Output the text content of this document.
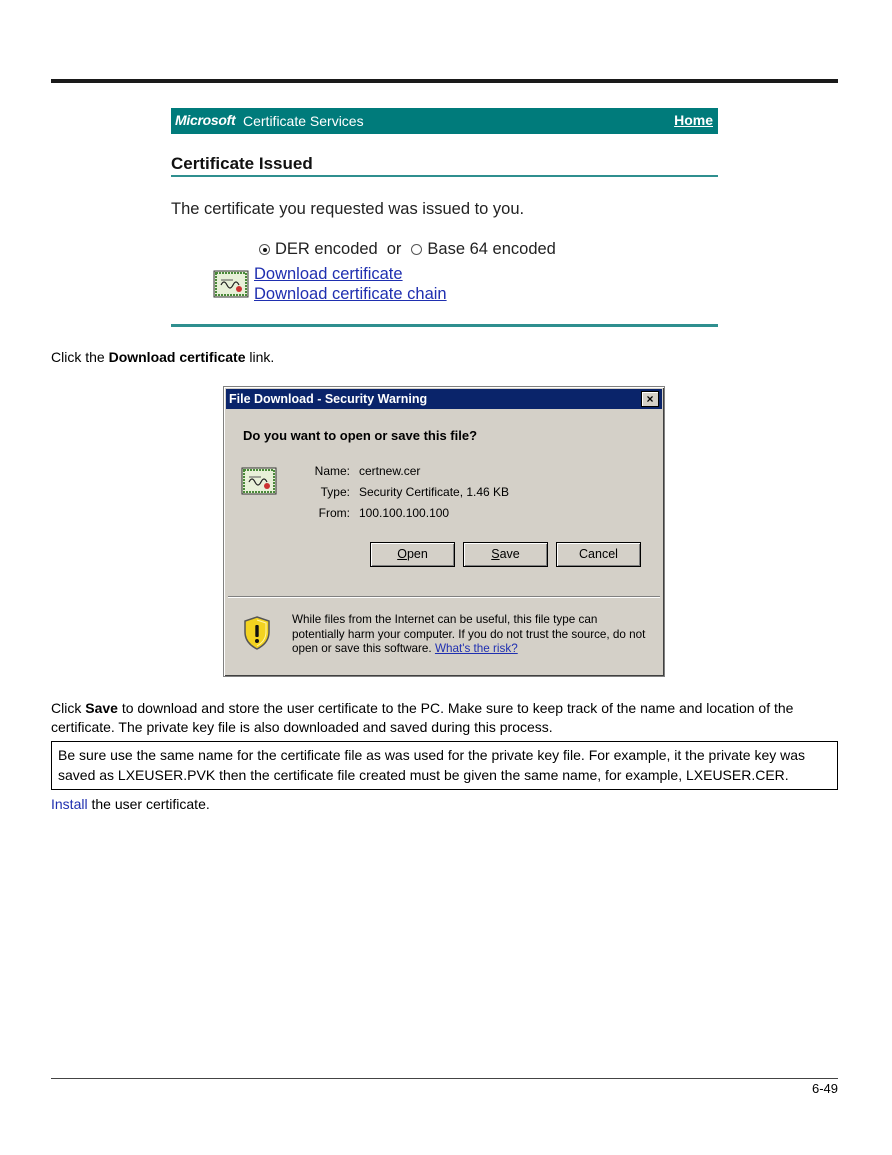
Microsoft Certificate Services	Home
Certificate Issued
The certificate you requested was issued to you.
DER encoded or Base 64 encoded
Download certificate
Download certificate chain
Click the Download certificate link.
File Download - Security Warning	×
Do you want to open or save this file?
Name: certnew.cer
Type: Security Certificate, 1.46 KB
From: 100.100.100.100
Open	Save	Cancel
While files from the Internet can be useful, this file type can potentially harm your computer. If you do not trust the source, do not open or save this software. What's the risk?
Click Save to download and store the user certificate to the PC. Make sure to keep track of the name and location of the certificate. The private key file is also downloaded and saved during this process.
Be sure use the same name for the certificate file as was used for the private key file. For example, it the private key was saved as LXEUSER.PVK then the certificate file created must be given the same name, for example, LXEUSER.CER.
Install the user certificate.
6-49
